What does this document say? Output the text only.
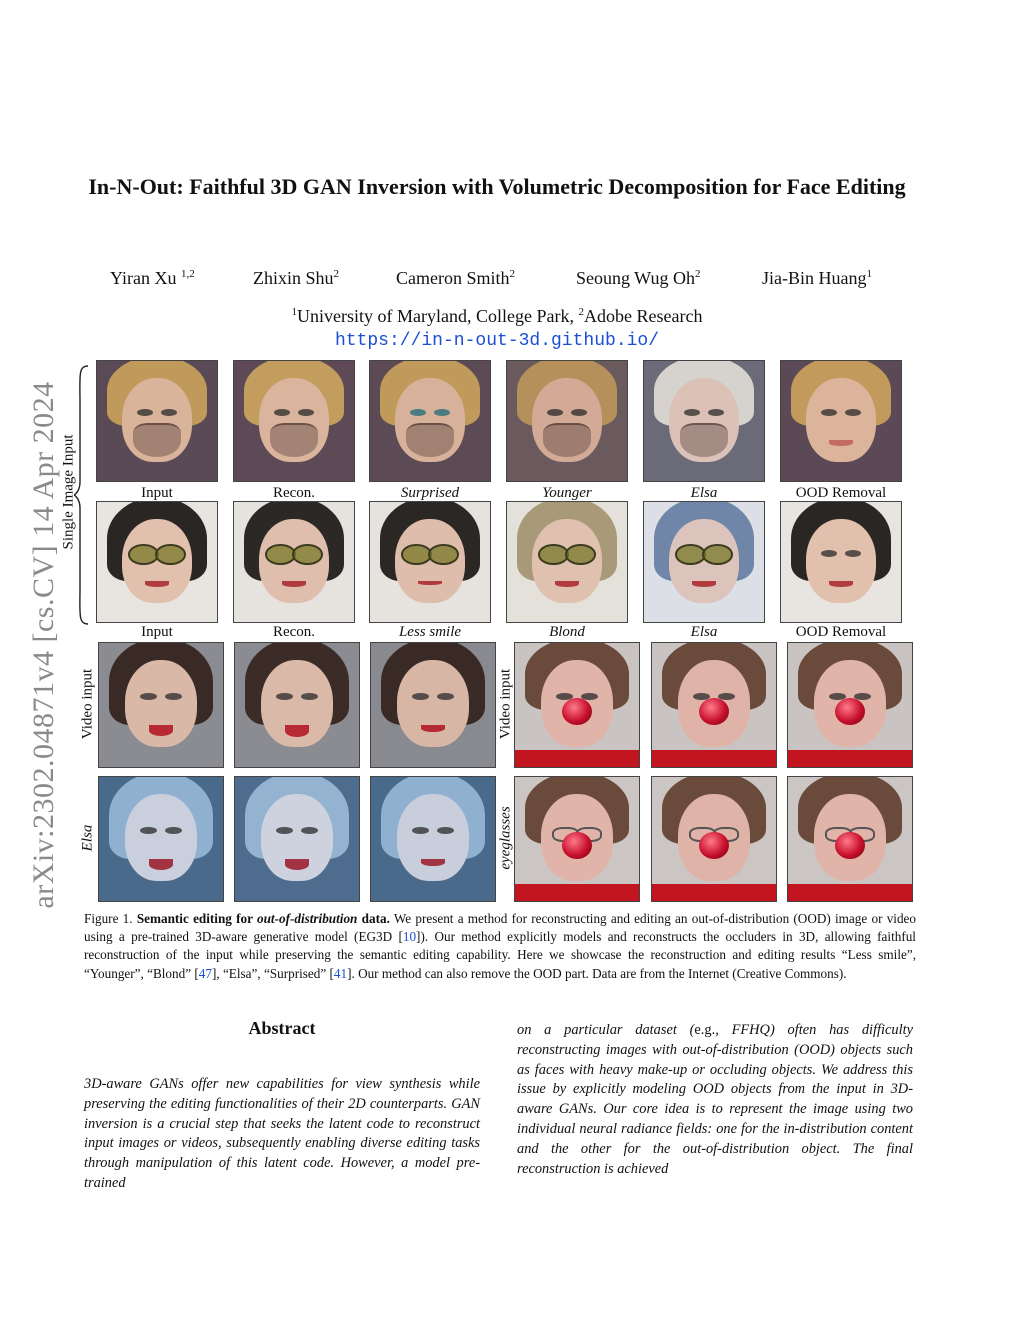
arXiv:2302.04871v4 [cs.CV] 14 Apr 2024
In-N-Out: Faithful 3D GAN Inversion with Volumetric Decomposition for Face Editing
Yiran Xu $^{1,2}$	Zhixin Shu$^2$	Cameron Smith$^2$	Seoung Wug Oh$^2$	Jia-Bin Huang$^1$
$^1$University of Maryland, College Park, $^2$Adobe Research
https://in-n-out-3d.github.io/
Single Image Input	Input	Recon.	Surprised	Younger	Elsa	OOD Removal
Input	Recon.	Less smile	Blond	Elsa	OOD Removal
Video input
Elsa
Video input
eyeglasses
Figure 1. Semantic editing for out-of-distribution data. We present a method for reconstructing and editing an out-of-distribution (OOD) image or video using a pre-trained 3D-aware generative model (EG3D [10]). Our method explicitly models and reconstructs the occluders in 3D, allowing faithful reconstruction of the input while preserving the semantic editing capability. Here we showcase the reconstruction and editing results “Less smile”, “Younger”, “Blond” [47], “Elsa”, “Surprised” [41]. Our method can also remove the OOD part. Data are from the Internet (Creative Commons).
Abstract
3D-aware GANs offer new capabilities for view synthesis while preserving the editing functionalities of their 2D counterparts. GAN inversion is a crucial step that seeks the latent code to reconstruct input images or videos, subsequently enabling diverse editing tasks through manipulation of this latent code. However, a model pre-trained
on a particular dataset (e.g., FFHQ) often has difficulty reconstructing images with out-of-distribution (OOD) objects such as faces with heavy make-up or occluding objects. We address this issue by explicitly modeling OOD objects from the input in 3D-aware GANs. Our core idea is to represent the image using two individual neural radiance fields: one for the in-distribution content and the other for the out-of-distribution object. The final reconstruction is achieved
